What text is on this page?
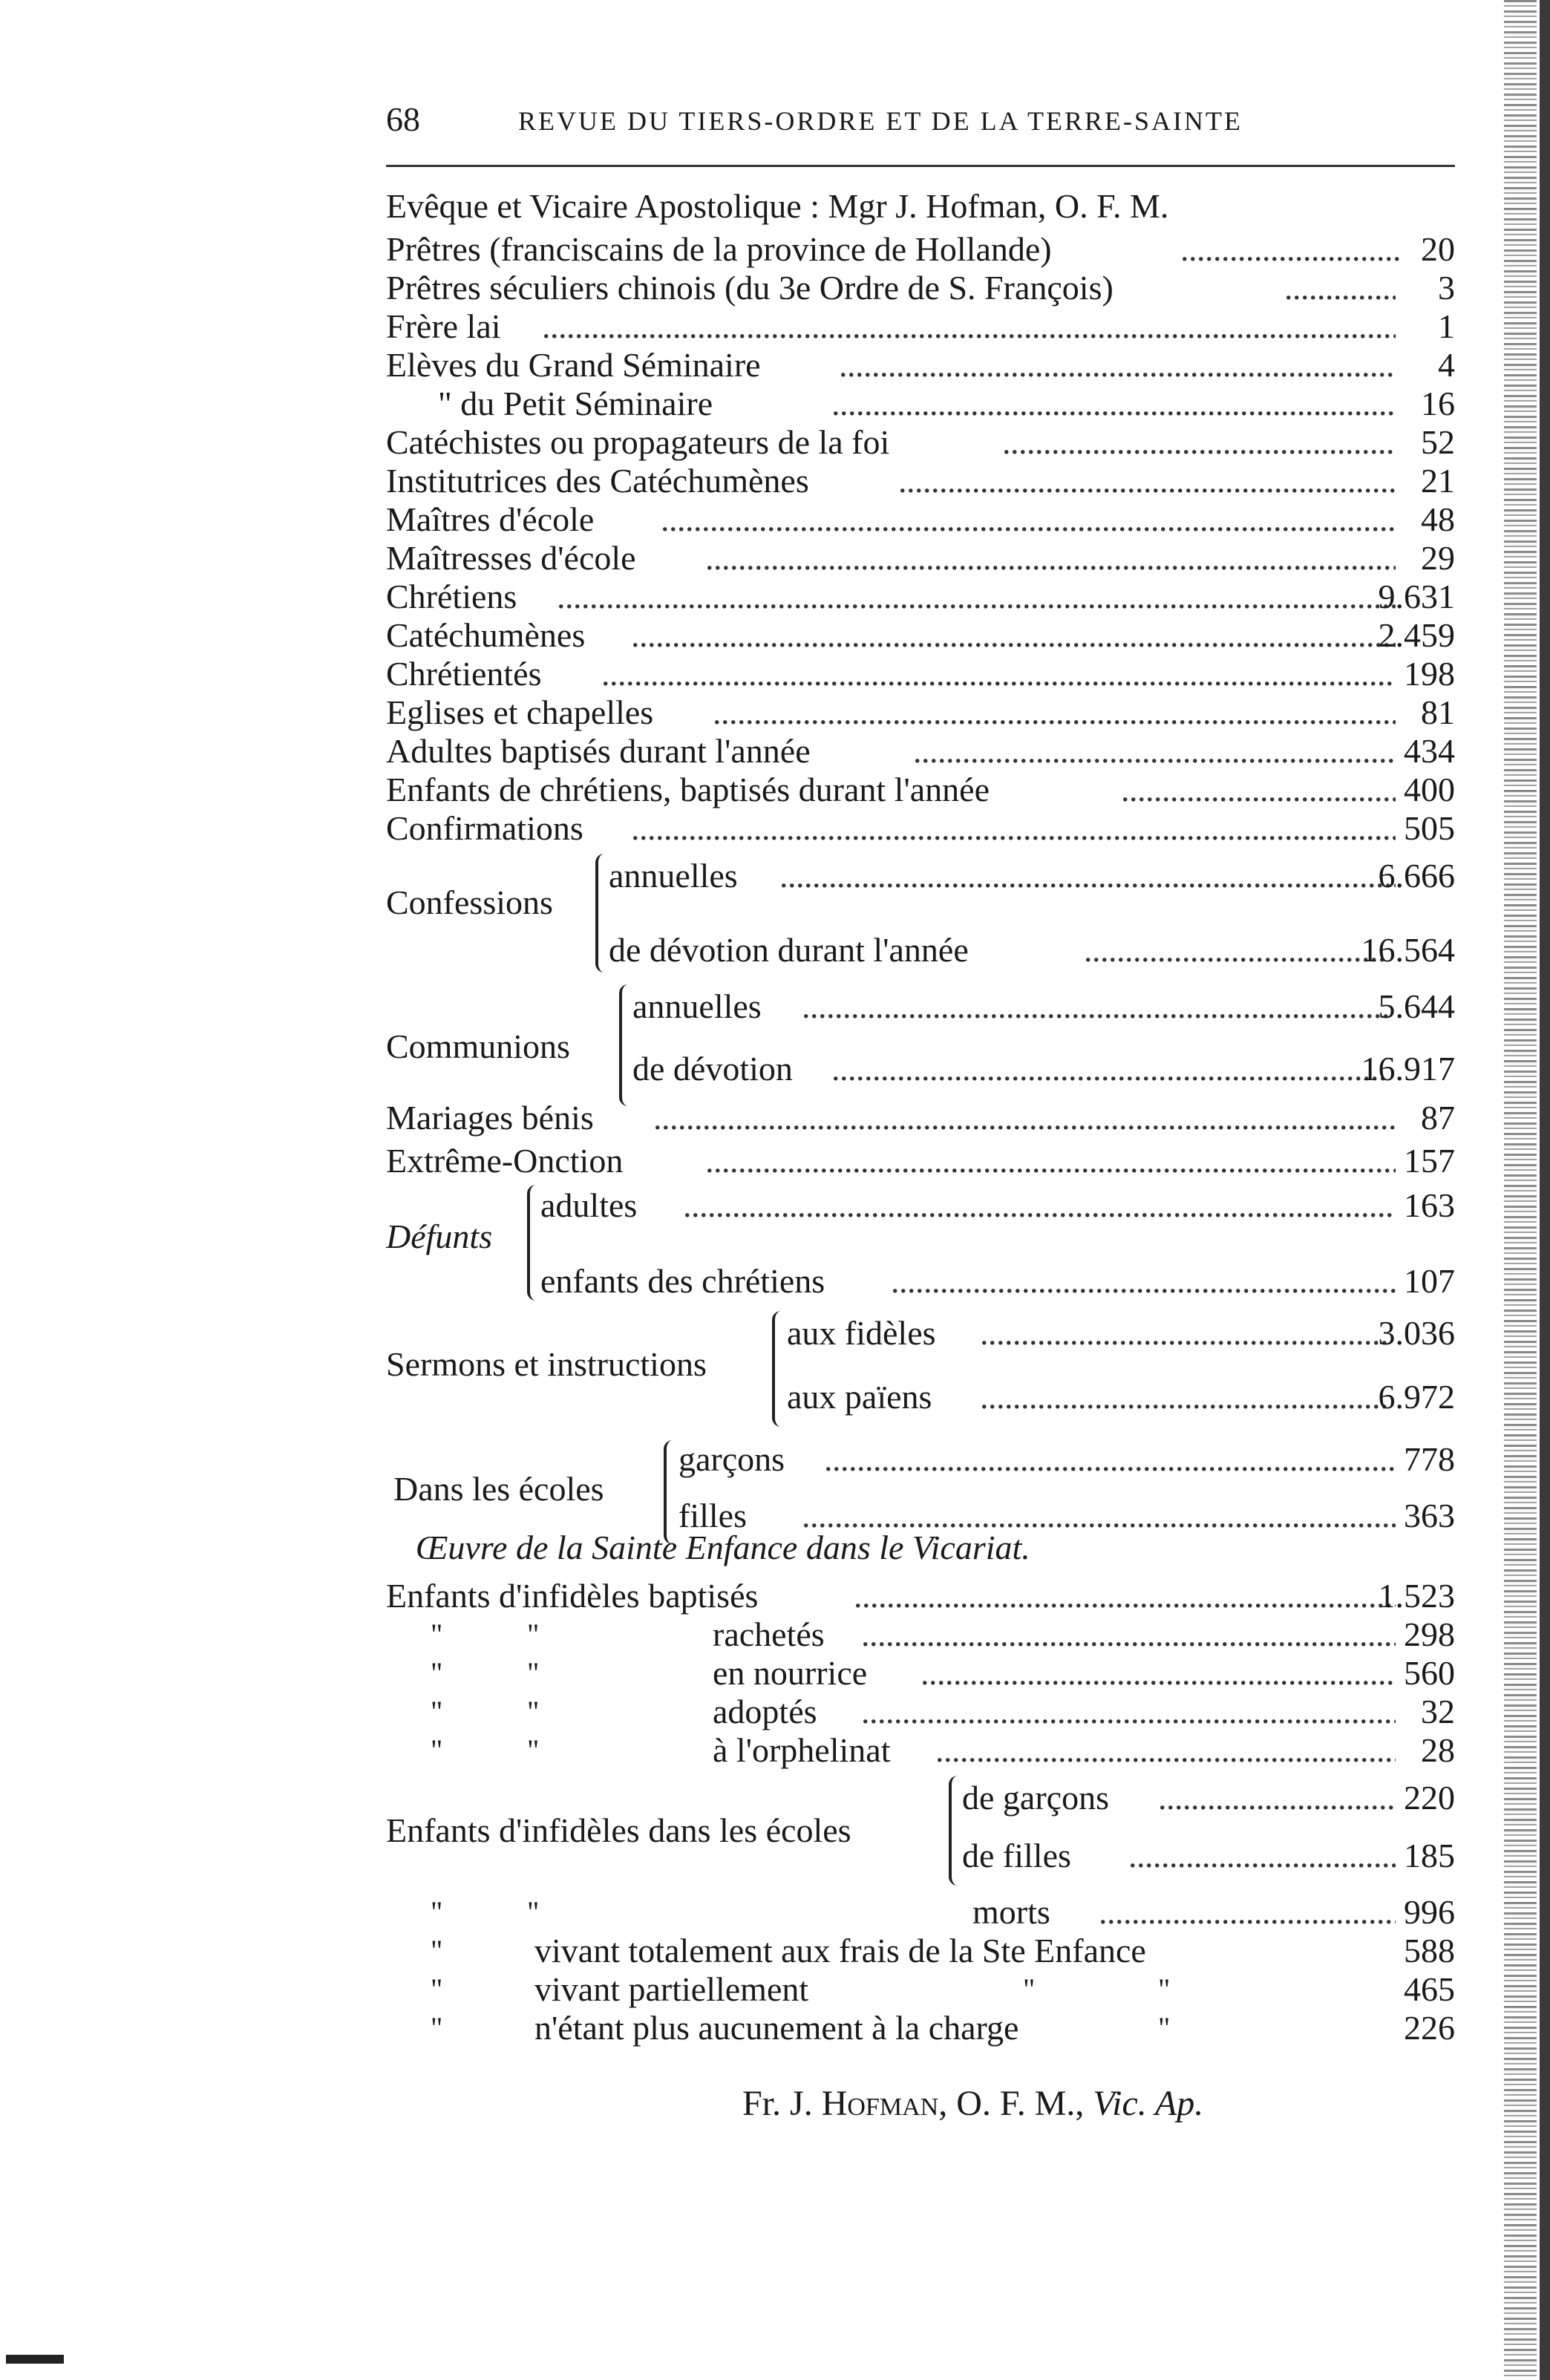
68	REVUE DU TIERS-ORDRE ET DE LA TERRE-SAINTE
Evêque et Vicaire Apostolique : Mgr J. Hofman, O. F. M.
Prêtres (franciscains de la province de Hollande) . . .	20
Prêtres séculiers chinois (du 3e Ordre de S. François) . . .	3
Frère lai . . .	1
Elèves du Grand Séminaire . . .	4
" du Petit Séminaire . . .	16
Catéchistes ou propagateurs de la foi . . .	52
Institutrices des Catéchumènes . . .	21
Maîtres d'école . . .	48
Maîtresses d'école . . .	29
Chrétiens . . .	9.631
Catéchumènes . . .	2.459
Chrétientés . . .	198
Eglises et chapelles . . .	81
Adultes baptisés durant l'année . . .	434
Enfants de chrétiens, baptisés durant l'année . . .	400
Confirmations . . .	505
Confessions
annuelles . . .	6.666
de dévotion durant l'année . . .	16.564
Communions
annuelles . . .	5.644
de dévotion . . .	16.917
Mariages bénis . . .	87
Extrême-Onction . . .	157
Défunts
adultes . . .	163
enfants des chrétiens . . .	107
Sermons et instructions
aux fidèles . . .	3.036
aux païens . . .	6.972
Dans les écoles
garçons . . .	778
filles . . .	363
Œuvre de la Sainte Enfance dans le Vicariat.
Enfants d'infidèles baptisés . . .	1.523
"	"	rachetés . . .	298
"	"	en nourrice . . .	560
"	"	adoptés . . .	32
"	"	à l'orphelinat . . .	28
Enfants d'infidèles dans les écoles
de garçons . . .	220
de filles . . .	185
"	"	morts . . .	996
"	vivant totalement aux frais de la Ste Enfance	588
"	vivant partiellement	"	"	465
"	n'étant plus aucunement à la charge	"	226
Fr. J. Hofman, O. F. M., Vic. Ap.
